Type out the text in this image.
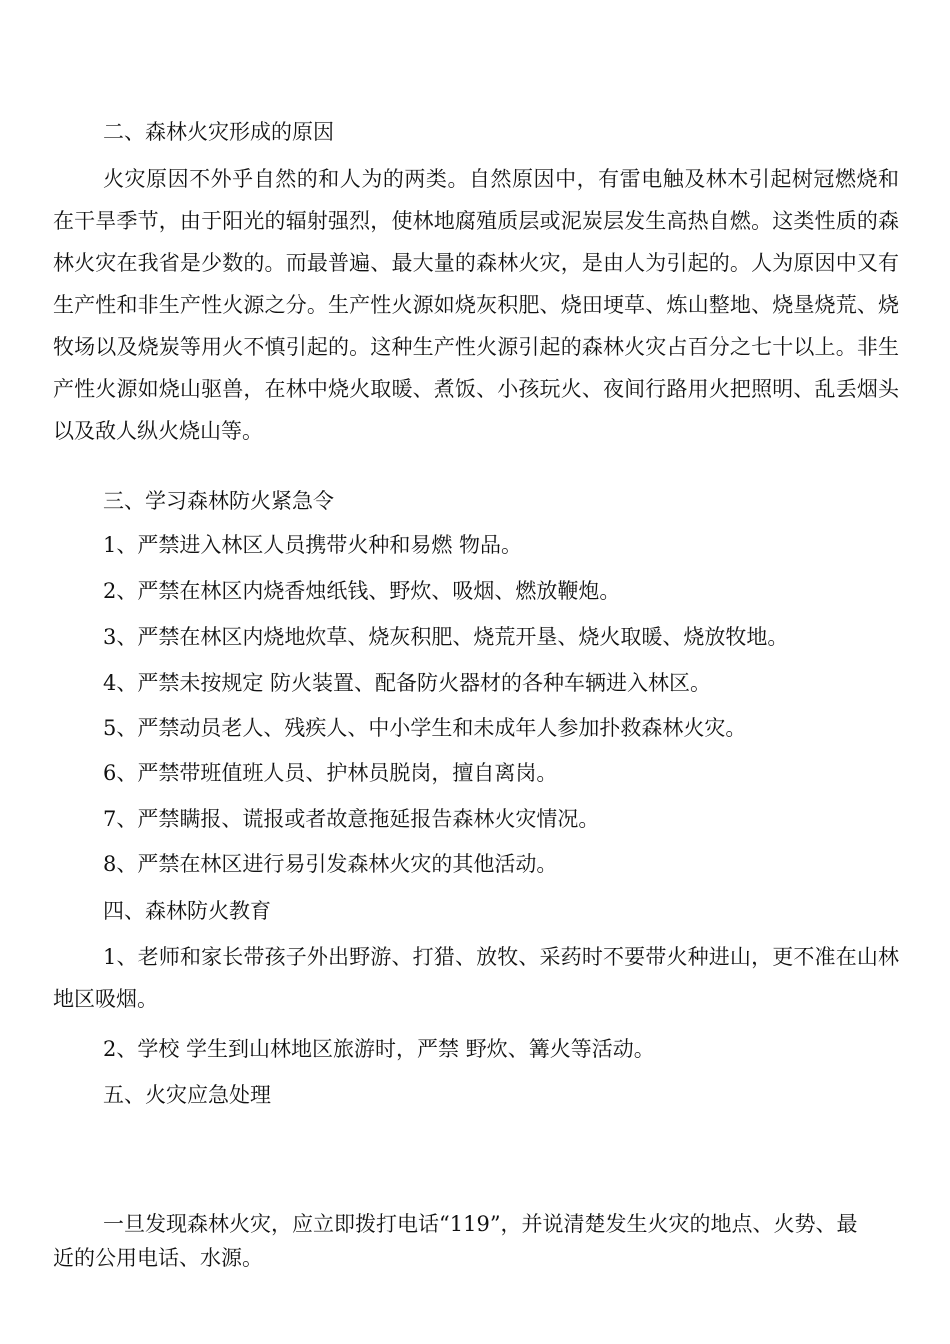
二、森林火灾形成的原因
火灾原因不外乎自然的和人为的两类。自然原因中，有雷电触及林木引起树冠燃烧和在干旱季节，由于阳光的辐射强烈，使林地腐殖质层或泥炭层发生高热自燃。这类性质的森林火灾在我省是少数的。而最普遍、最大量的森林火灾，是由人为引起的。人为原因中又有生产性和非生产性火源之分。生产性火源如烧灰积肥、烧田埂草、炼山整地、烧垦烧荒、烧牧场以及烧炭等用火不慎引起的。这种生产性火源引起的森林火灾占百分之七十以上。非生产性火源如烧山驱兽，在林中烧火取暖、煮饭、小孩玩火、夜间行路用火把照明、乱丢烟头以及敌人纵火烧山等。
三、学习森林防火紧急令
1、严禁进入林区人员携带火种和易燃 物品。
2、严禁在林区内烧香烛纸钱、野炊、吸烟、燃放鞭炮。
3、严禁在林区内烧地炊草、烧灰积肥、烧荒开垦、烧火取暖、烧放牧地。
4、严禁未按规定 防火装置、配备防火器材的各种车辆进入林区。
5、严禁动员老人、残疾人、中小学生和未成年人参加扑救森林火灾。
6、严禁带班值班人员、护林员脱岗，擅自离岗。
7、严禁瞒报、谎报或者故意拖延报告森林火灾情况。
8、严禁在林区进行易引发森林火灾的其他活动。
四、森林防火教育
1、老师和家长带孩子外出野游、打猎、放牧、采药时不要带火种进山，更不准在山林地区吸烟。
2、学校 学生到山林地区旅游时，严禁 野炊、篝火等活动。
五、火灾应急处理
一旦发现森林火灾，应立即拨打电话“119”，并说清楚发生火灾的地点、火势、最近的公用电话、水源。
